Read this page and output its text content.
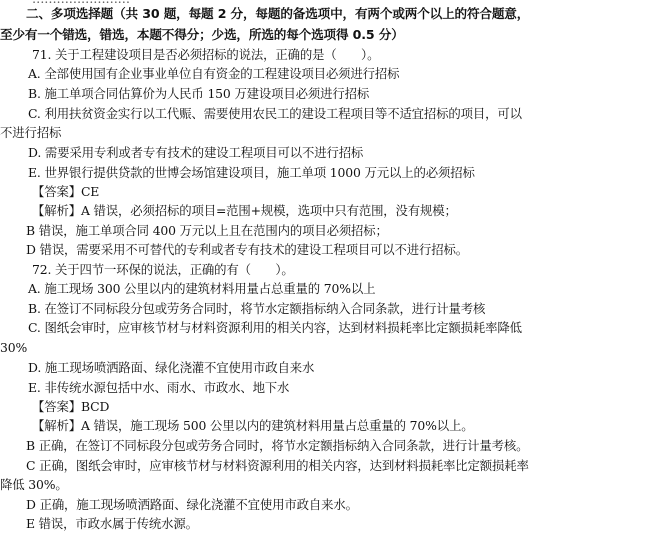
二、多项选择题（共 30 题，每题 2 分，每题的备选项中，有两个或两个以上的符合题意，
至少有一个错选，错选，本题不得分；少选，所选的每个选项得 0.5 分）
71. 关于工程建设项目是否必须招标的说法，正确的是（　　）。
A. 全部使用国有企业事业单位自有资金的工程建设项目必须进行招标
B. 施工单项合同估算价为人民币 150 万建设项目必须进行招标
C. 利用扶贫资金实行以工代赈、需要使用农民工的建设工程项目等不适宜招标的项目，可以
不进行招标
D. 需要采用专利或者专有技术的建设工程项目可以不进行招标
E. 世界银行提供贷款的世博会场馆建设项目，施工单项 1000 万元以上的必须招标
【答案】CE
【解析】A 错误，必须招标的项目=范围+规模，选项中只有范围，没有规模；
B 错误，施工单项合同 400 万元以上且在范围内的项目必须招标；
D 错误，需要采用不可替代的专利或者专有技术的建设工程项目可以不进行招标。
72. 关于四节一环保的说法，正确的有（　　）。
A. 施工现场 300 公里以内的建筑材料用量占总重量的 70%以上
B. 在签订不同标段分包或劳务合同时，将节水定额指标纳入合同条款，进行计量考核
C. 图纸会审时，应审核节材与材料资源利用的相关内容，达到材料损耗率比定额损耗率降低
30%
D. 施工现场喷洒路面、绿化浇灌不宜使用市政自来水
E. 非传统水源包括中水、雨水、市政水、地下水
【答案】BCD
【解析】A 错误，施工现场 500 公里以内的建筑材料用量占总重量的 70%以上。
B 正确，在签订不同标段分包或劳务合同时，将节水定额指标纳入合同条款，进行计量考核。
C 正确，图纸会审时，应审核节材与材料资源利用的相关内容，达到材料损耗率比定额损耗率
降低 30%。
D 正确，施工现场喷洒路面、绿化浇灌不宜使用市政自来水。
E 错误，市政水属于传统水源。
